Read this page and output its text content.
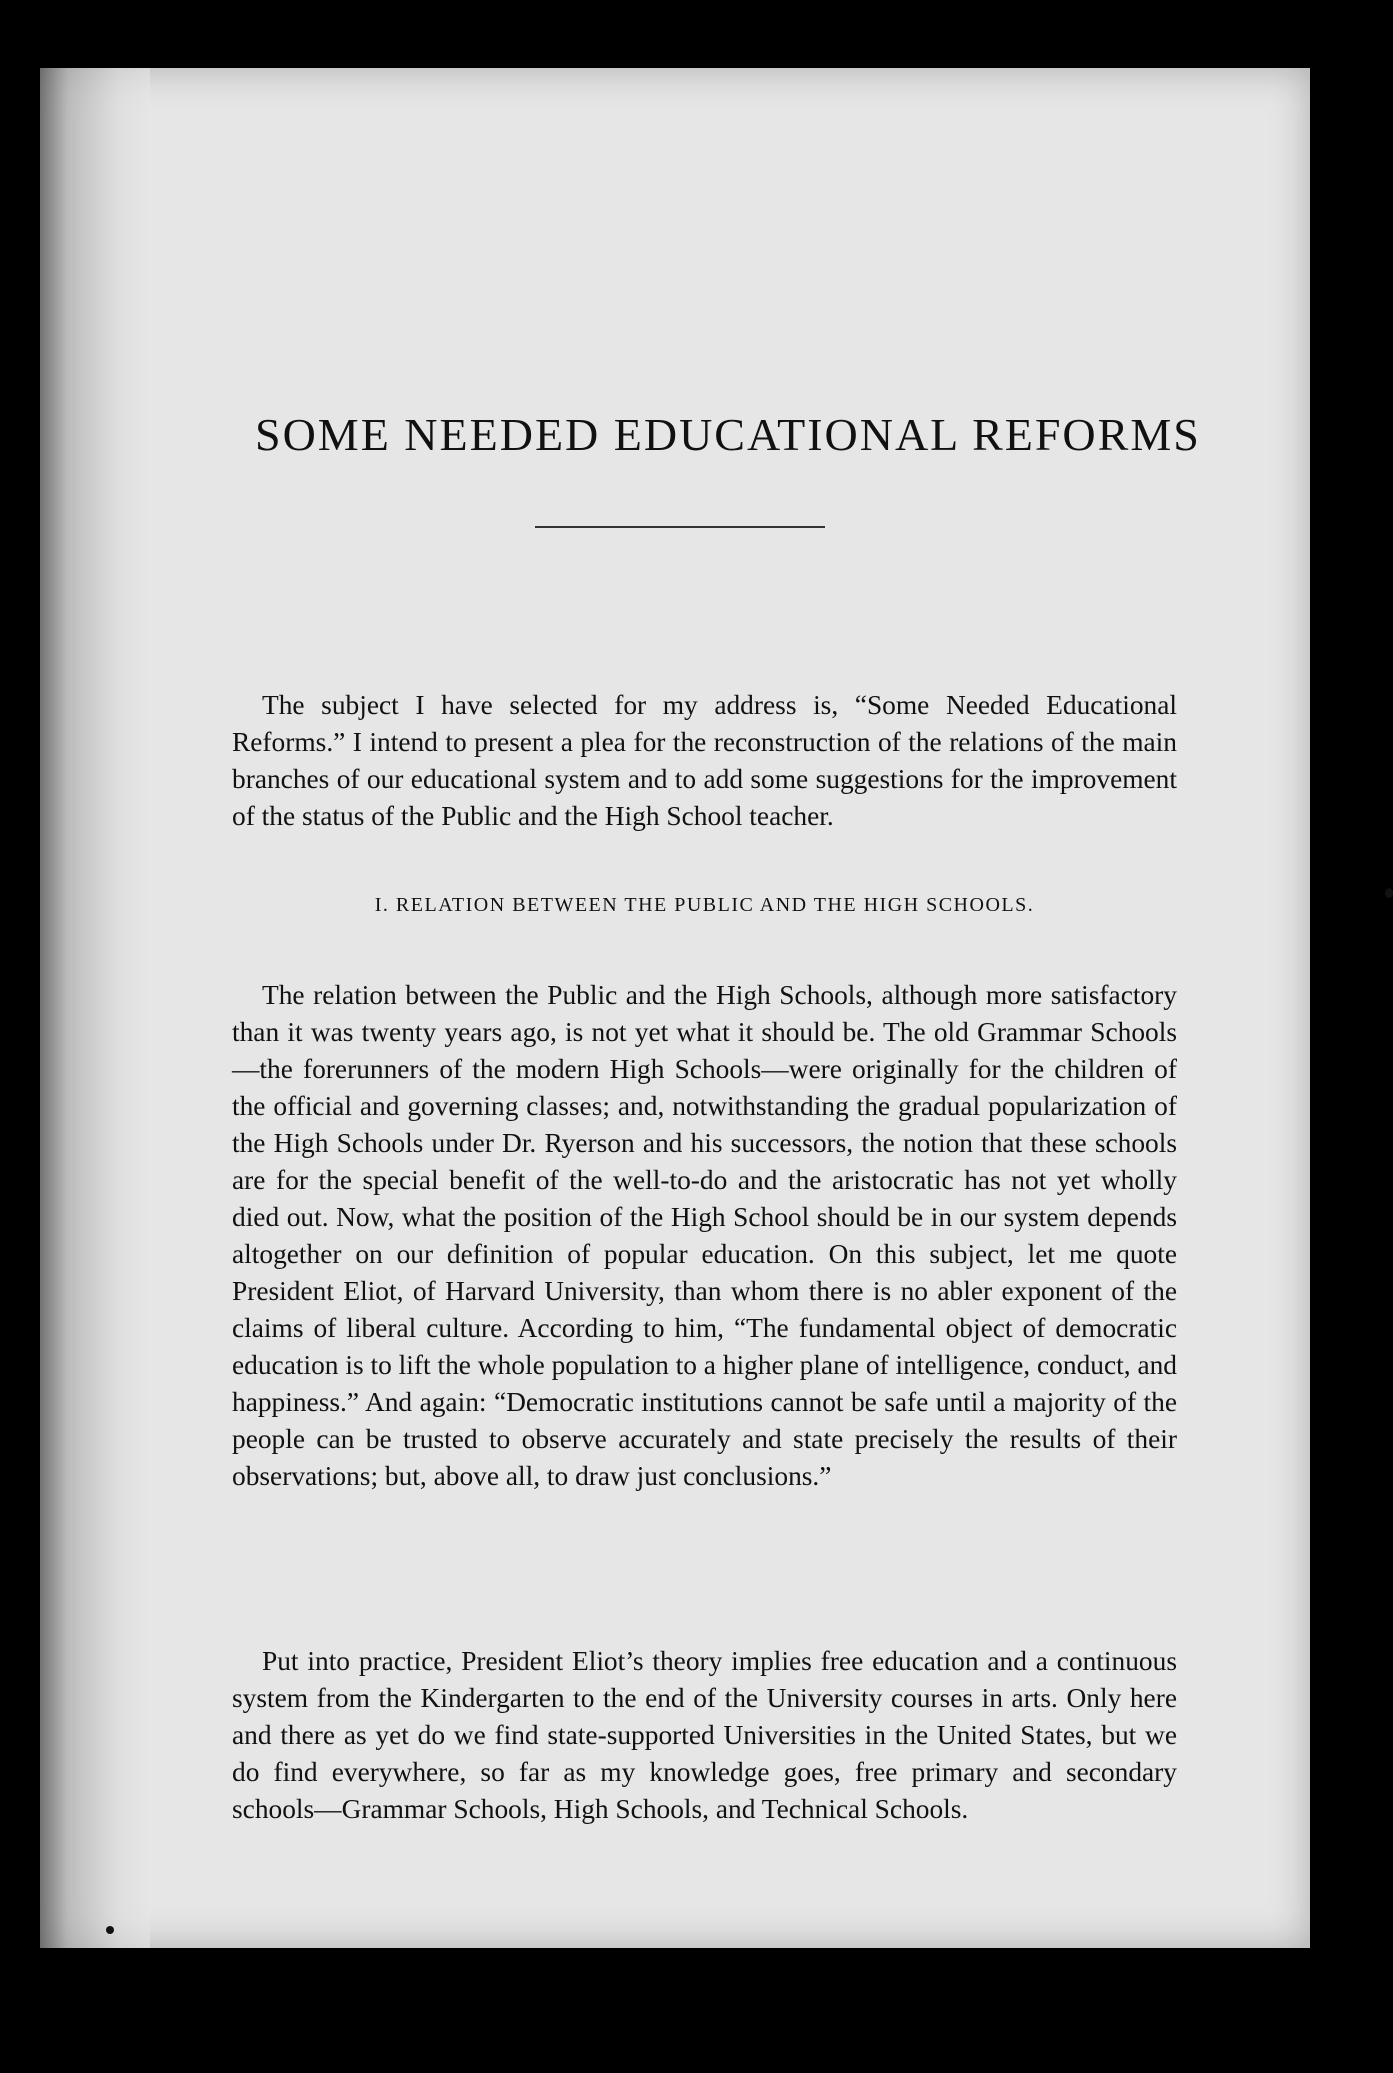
SOME NEEDED EDUCATIONAL REFORMS

The subject I have selected for my address is, “Some Needed Educational Reforms.” I intend to present a plea for the reconstruction of the relations of the main branches of our educational system and to add some suggestions for the improvement of the status of the Public and the High School teacher.

I. RELATION BETWEEN THE PUBLIC AND THE HIGH SCHOOLS.

The relation between the Public and the High Schools, although more satisfactory than it was twenty years ago, is not yet what it should be. The old Grammar Schools—the forerunners of the modern High Schools—were originally for the children of the official and governing classes; and, notwithstanding the gradual popularization of the High Schools under Dr. Ryerson and his successors, the notion that these schools are for the special benefit of the well-to-do and the aristocratic has not yet wholly died out. Now, what the position of the High School should be in our system depends altogether on our definition of popular education. On this subject, let me quote President Eliot, of Harvard University, than whom there is no abler exponent of the claims of liberal culture. According to him, “The fundamental object of democratic education is to lift the whole population to a higher plane of intelligence, conduct, and happiness.” And again: “Democratic institutions cannot be safe until a majority of the people can be trusted to observe accurately and state precisely the results of their observations; but, above all, to draw just conclusions.”

Put into practice, President Eliot’s theory implies free education and a continuous system from the Kindergarten to the end of the University courses in arts. Only here and there as yet do we find state-supported Universities in the United States, but we do find everywhere, so far as my knowledge goes, free primary and secondary schools—Grammar Schools, High Schools, and Technical Schools.
